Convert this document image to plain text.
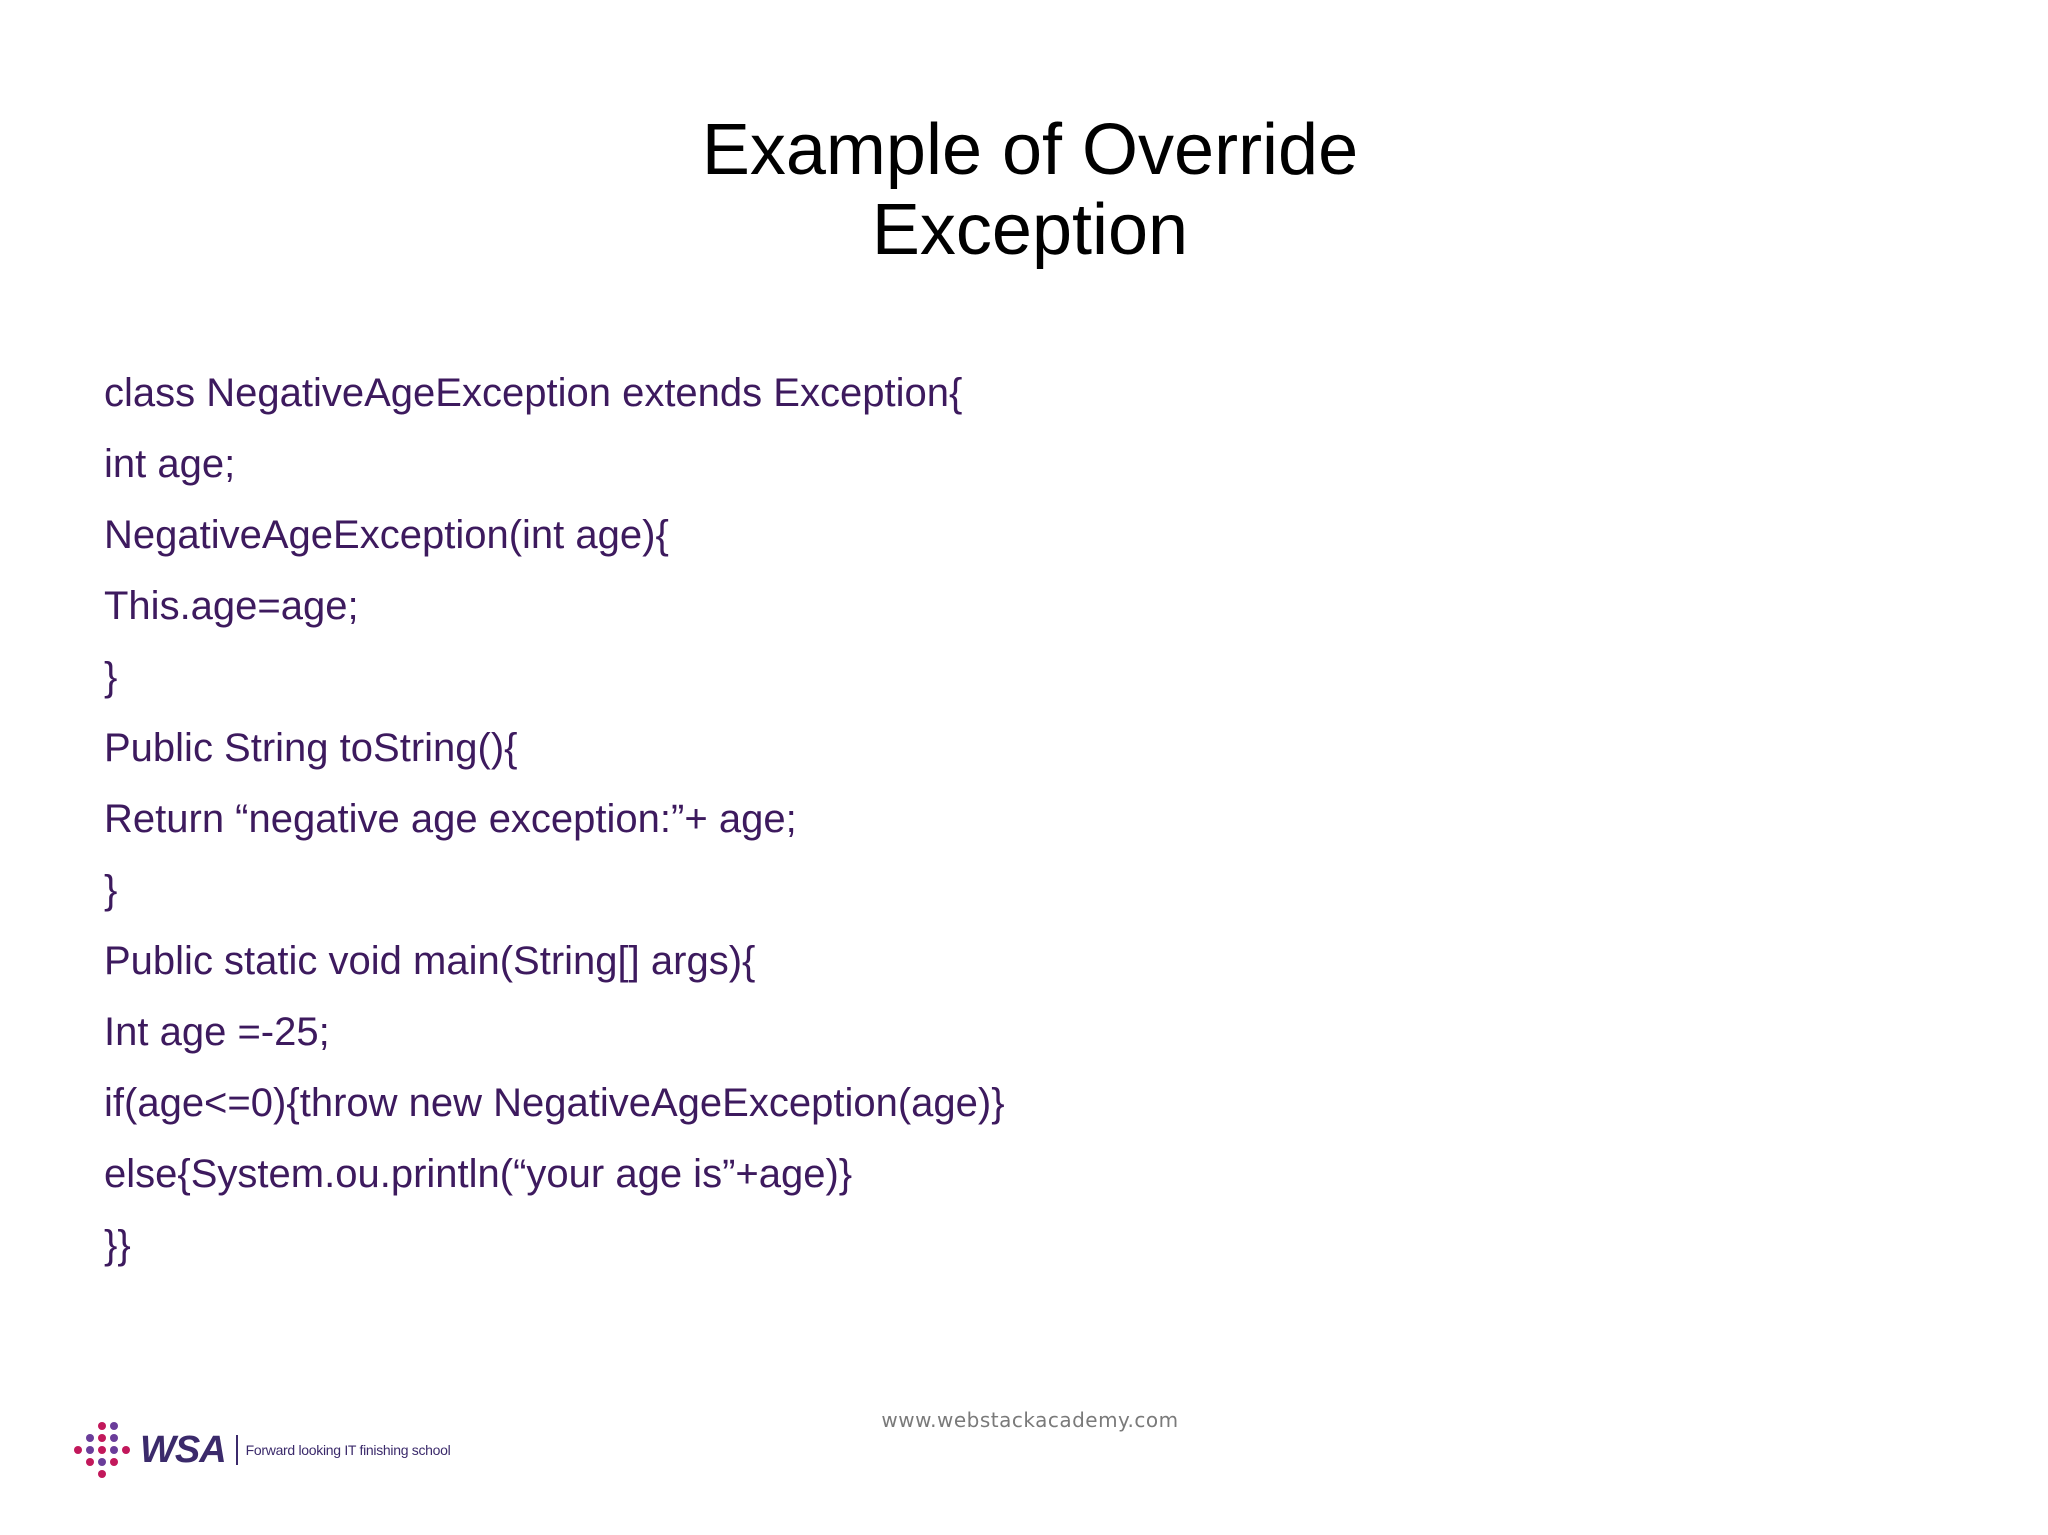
Example of Override
Exception
class NegativeAgeException extends Exception{
int age;
NegativeAgeException(int age){
This.age=age;
}
Public String toString(){
Return “negative age exception:”+ age;
}
Public static void main(String[] args){
Int age =-25;
if(age<=0){throw new NegativeAgeException(age)}
else{System.ou.println(“your age is”+age)}
}}
www.webstackacademy.com
WSA Forward looking IT finishing school
